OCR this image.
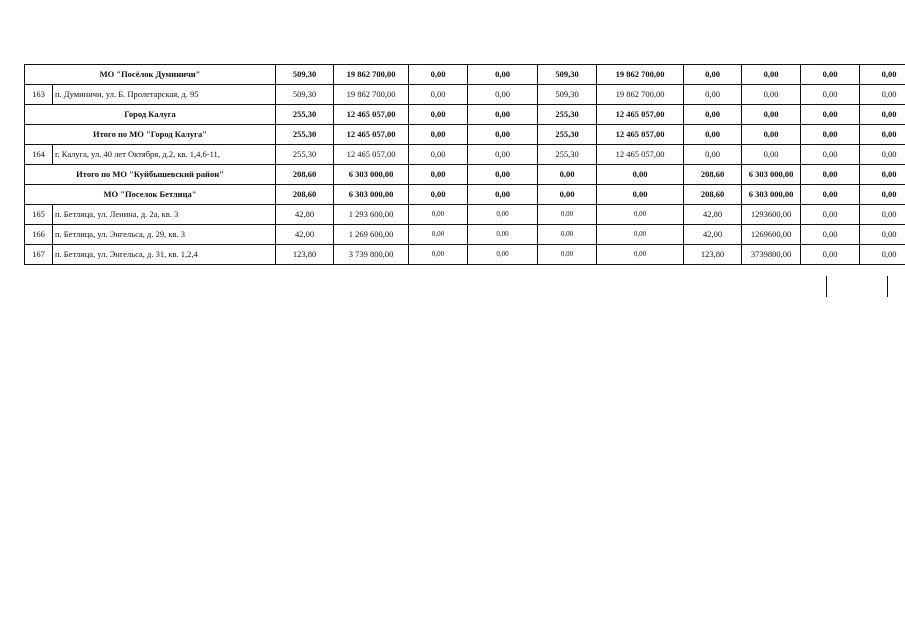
МО "Посёлок Думиничи"		509,30	19 862 700,00	0,00	0,00	509,30	19 862 700,00	0,00	0,00	0,00	0,00
163	п. Думиничи, ул. Б. Пролетарская, д. 95	509,30	19 862 700,00	0,00	0,00	509,30	19 862 700,00	0,00	0,00	0,00	0,00
Город Калуга		255,30	12 465 057,00	0,00	0,00	255,30	12 465 057,00	0,00	0,00	0,00	0,00
Итого по МО "Город Калуга"		255,30	12 465 057,00	0,00	0,00	255,30	12 465 057,00	0,00	0,00	0,00	0,00
164	г. Калуга, ул. 40 лет Октября, д.2, кв. 1,4,6-11,	255,30	12 465 057,00	0,00	0,00	255,30	12 465 057,00	0,00	0,00	0,00	0,00
Итого по МО "Куйбышевский район"		208,60	6 303 000,00	0,00	0,00	0,00	0,00	208,60	6 303 000,00	0,00	0,00
МО "Поселок Бетлица"		208,60	6 303 000,00	0,00	0,00	0,00	0,00	208,60	6 303 000,00	0,00	0,00
165	п. Бетлица, ул. Ленина, д. 2а, кв. 3	42,80	1 293 600,00	0,00	0,00	0,00	0,00	42,80	1293600,00	0,00	0,00
166	п. Бетлица, ул. Энгельса, д. 29, кв. 3	42,00	1 269 600,00	0,00	0,00	0,00	0,00	42,00	1269600,00	0,00	0,00
167	п. Бетлица, ул. Энгельса, д. 31, кв. 1,2,4	123,80	3 739 800,00	0,00	0,00	0,00	0,00	123,80	3739800,00	0,00	0,00
